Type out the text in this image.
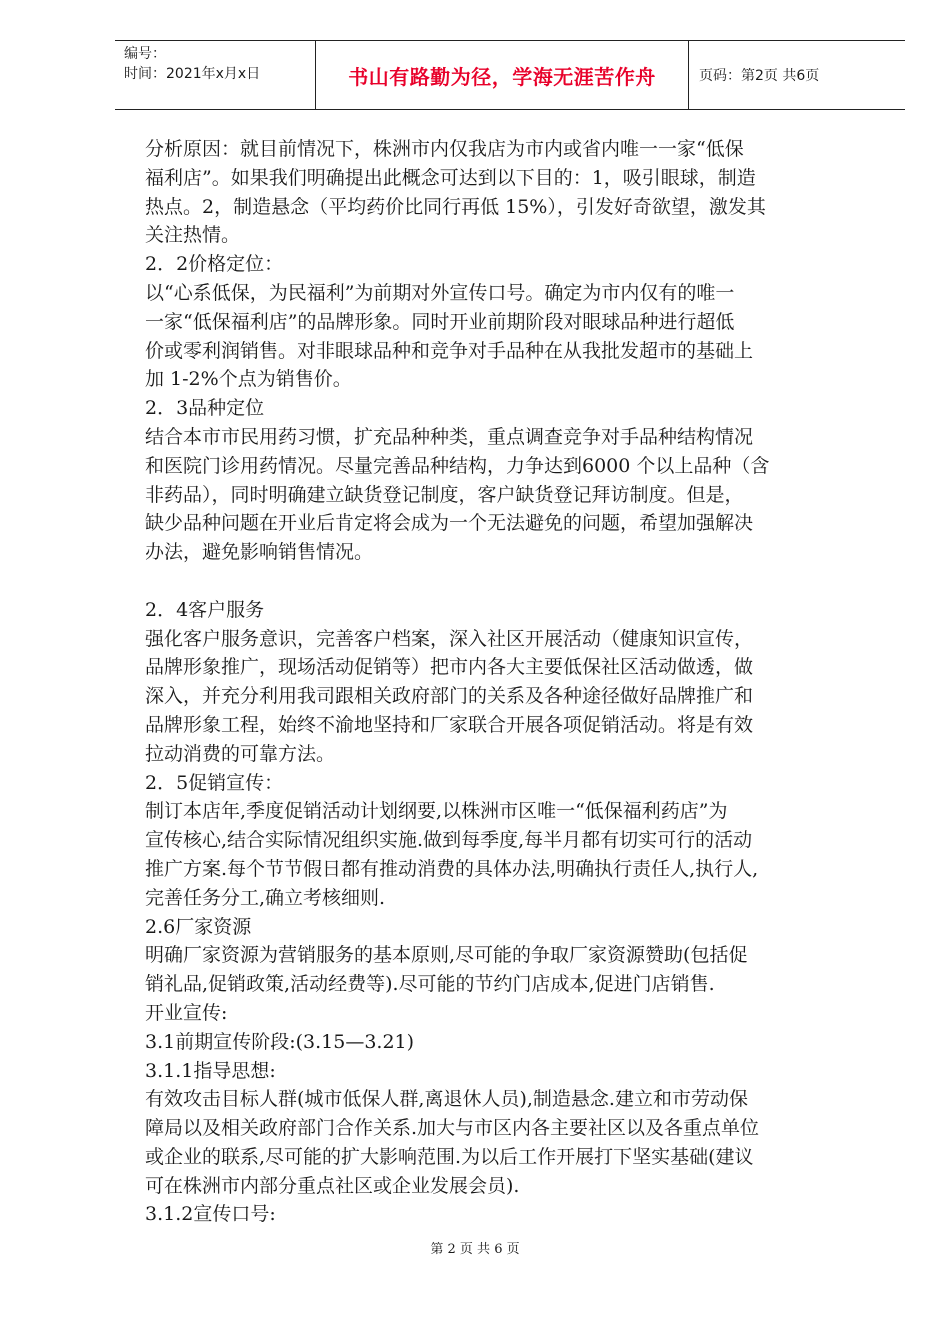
编号：
时间：2021年x月x日	书山有路勤为径，学海无涯苦作舟	页码：第2页 共6页
分析原因：就目前情况下，株洲市内仅我店为市内或省内唯一一家“低保
福利店”。如果我们明确提出此概念可达到以下目的：1，吸引眼球，制造
热点。2，制造悬念（平均药价比同行再低 15%），引发好奇欲望，激发其
关注热情。
2．2价格定位：
以“心系低保，为民福利”为前期对外宣传口号。确定为市内仅有的唯一
一家“低保福利店”的品牌形象。同时开业前期阶段对眼球品种进行超低
价或零利润销售。对非眼球品种和竞争对手品种在从我批发超市的基础上
加 1-2%个点为销售价。
2．3品种定位
结合本市市民用药习惯，扩充品种种类，重点调查竞争对手品种结构情况
和医院门诊用药情况。尽量完善品种结构，力争达到6000 个以上品种（含
非药品），同时明确建立缺货登记制度，客户缺货登记拜访制度。但是，
缺少品种问题在开业后肯定将会成为一个无法避免的问题，希望加强解决
办法，避免影响销售情况。
2．4客户服务
强化客户服务意识，完善客户档案，深入社区开展活动（健康知识宣传，
品牌形象推广，现场活动促销等）把市内各大主要低保社区活动做透，做
深入，并充分利用我司跟相关政府部门的关系及各种途径做好品牌推广和
品牌形象工程，始终不渝地坚持和厂家联合开展各项促销活动。将是有效
拉动消费的可靠方法。
2．5促销宣传：
制订本店年,季度促销活动计划纲要,以株洲市区唯一“低保福利药店”为
宣传核心,结合实际情况组织实施.做到每季度,每半月都有切实可行的活动
推广方案.每个节节假日都有推动消费的具体办法,明确执行责任人,执行人,
完善任务分工,确立考核细则.
2.6厂家资源
明确厂家资源为营销服务的基本原则,尽可能的争取厂家资源赞助(包括促
销礼品,促销政策,活动经费等).尽可能的节约门店成本,促进门店销售.
开业宣传:
3.1前期宣传阶段:(3.15—3.21)
3.1.1指导思想:
有效攻击目标人群(城市低保人群,离退休人员),制造悬念.建立和市劳动保
障局以及相关政府部门合作关系.加大与市区内各主要社区以及各重点单位
或企业的联系,尽可能的扩大影响范围.为以后工作开展打下坚实基础(建议
可在株洲市内部分重点社区或企业发展会员).
3.1.2宣传口号:
第 2 页 共 6 页
